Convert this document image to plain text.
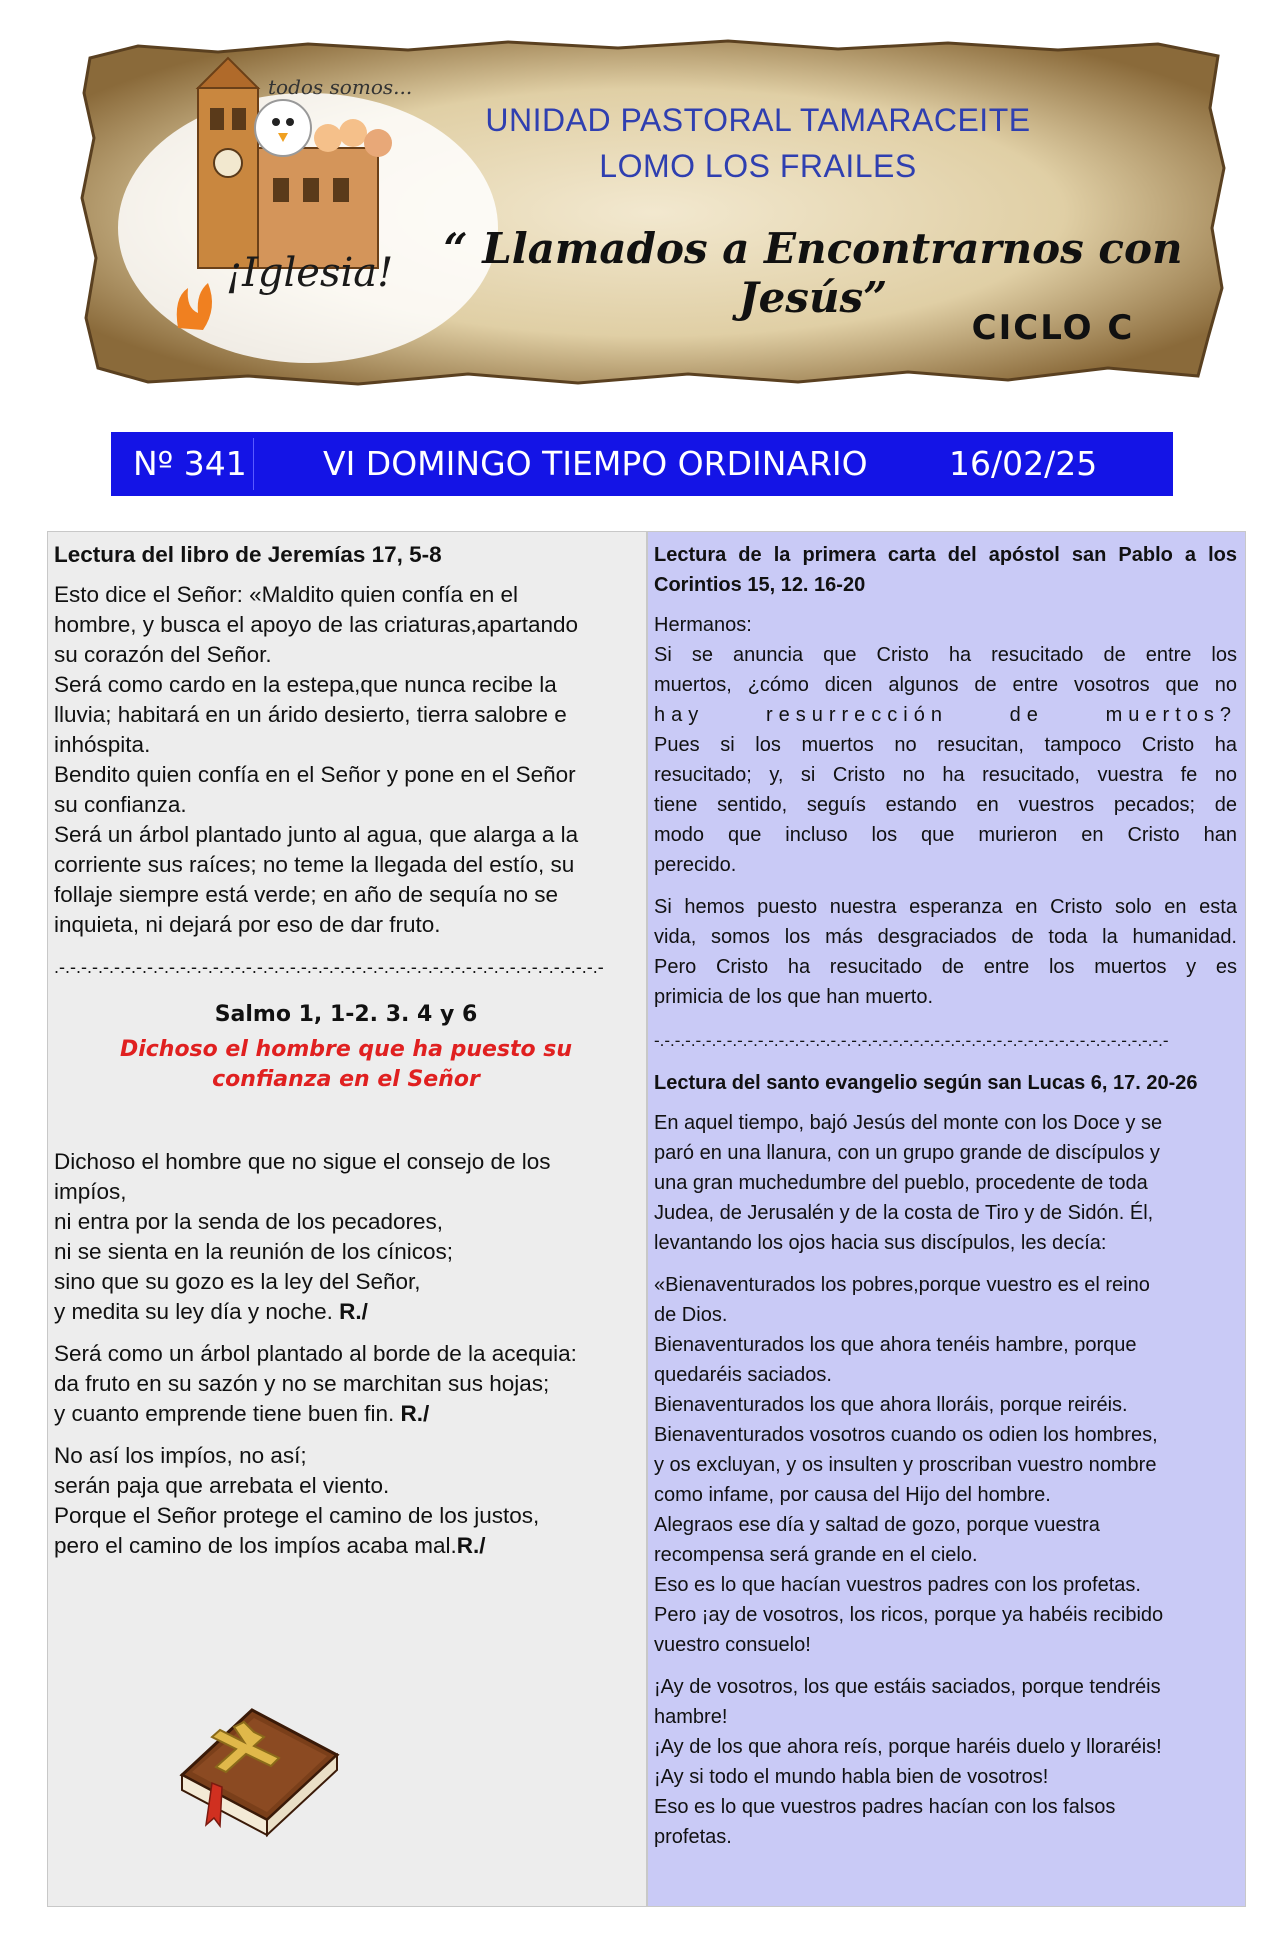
todos somos...
¡Iglesia!
UNIDAD PASTORAL TAMARACEITE
LOMO LOS FRAILES
“ Llamados a Encontrarnos con Jesús”
CICLO C
Nº 341 VI DOMINGO TIEMPO ORDINARIO 16/02/25

Lectura del libro de Jeremías 17, 5-8

Esto dice el Señor: «Maldito quien confía en el

hombre, y busca el apoyo de las criaturas,apartando

su corazón del Señor.

Será como cardo en la estepa,que nunca recibe la

lluvia; habitará en un árido desierto, tierra salobre e

inhóspita.

Bendito quien confía en el Señor y pone en el Señor

su confianza.

Será un árbol plantado junto al agua, que alarga a la

corriente sus raíces; no teme la llegada del estío, su

follaje siempre está verde; en año de sequía no se

inquieta, ni dejará por eso de dar fruto.

.-.-.-.-.-.-.-.-.-.-.-.-.-.-.-.-.-.-.-.-.-.-.-.-.-.-.-.-.-.-.-.-.-.-.-.-.-.-.-.-.-.-.-.-.-.-.-.-.-.-

Salmo 1, 1-2. 3. 4 y 6

Dichoso el hombre que ha puesto su

confianza en el Señor

Dichoso el hombre que no sigue el consejo de los

impíos,

ni entra por la senda de los pecadores,

ni se sienta en la reunión de los cínicos;

sino que su gozo es la ley del Señor,

y medita su ley día y noche. R./

Será como un árbol plantado al borde de la acequia:

da fruto en su sazón y no se marchitan sus hojas;

y cuanto emprende tiene buen fin. R./

No así los impíos, no así;

serán paja que arrebata el viento.

Porque el Señor protege el camino de los justos,

pero el camino de los impíos acaba mal.R./

Lectura de la primera carta del apóstol san Pablo a los

Corintios 15, 12. 16-20

Hermanos:

Si se anuncia que Cristo ha resucitado de entre los

muertos, ¿cómo dicen algunos de entre vosotros que no

hay resurrección de muertos?

Pues si los muertos no resucitan, tampoco Cristo ha

resucitado; y, si Cristo no ha resucitado, vuestra fe no

tiene sentido, seguís estando en vuestros pecados; de

modo que incluso los que murieron en Cristo han

perecido.

Si hemos puesto nuestra esperanza en Cristo solo en esta

vida, somos los más desgraciados de toda la humanidad.

Pero Cristo ha resucitado de entre los muertos y es

primicia de los que han muerto.

-.-.-.-.-.-.-.-.-.-.-.-.-.-.-.-.-.-.-.-.-.-.-.-.-.-.-.-.-.-.-.-.-.-.-.-.-.-.-.-.-.-.-.-.-.-.-.-.-.-

Lectura del santo evangelio según san Lucas 6, 17. 20-26

En aquel tiempo, bajó Jesús del monte con los Doce y se

paró en una llanura, con un grupo grande de discípulos y

una gran muchedumbre del pueblo, procedente de toda

Judea, de Jerusalén y de la costa de Tiro y de Sidón. Él,

levantando los ojos hacia sus discípulos, les decía:

«Bienaventurados los pobres,porque vuestro es el reino

de Dios.

Bienaventurados los que ahora tenéis hambre, porque

quedaréis saciados.

Bienaventurados los que ahora lloráis, porque reiréis.

Bienaventurados vosotros cuando os odien los hombres,

y os excluyan, y os insulten y proscriban vuestro nombre

como infame, por causa del Hijo del hombre.

Alegraos ese día y saltad de gozo, porque vuestra

recompensa será grande en el cielo.

Eso es lo que hacían vuestros padres con los profetas.

Pero ¡ay de vosotros, los ricos, porque ya habéis recibido

vuestro consuelo!

¡Ay de vosotros, los que estáis saciados, porque tendréis

hambre!

¡Ay de los que ahora reís, porque haréis duelo y lloraréis!

¡Ay si todo el mundo habla bien de vosotros!

Eso es lo que vuestros padres hacían con los falsos

profetas.
